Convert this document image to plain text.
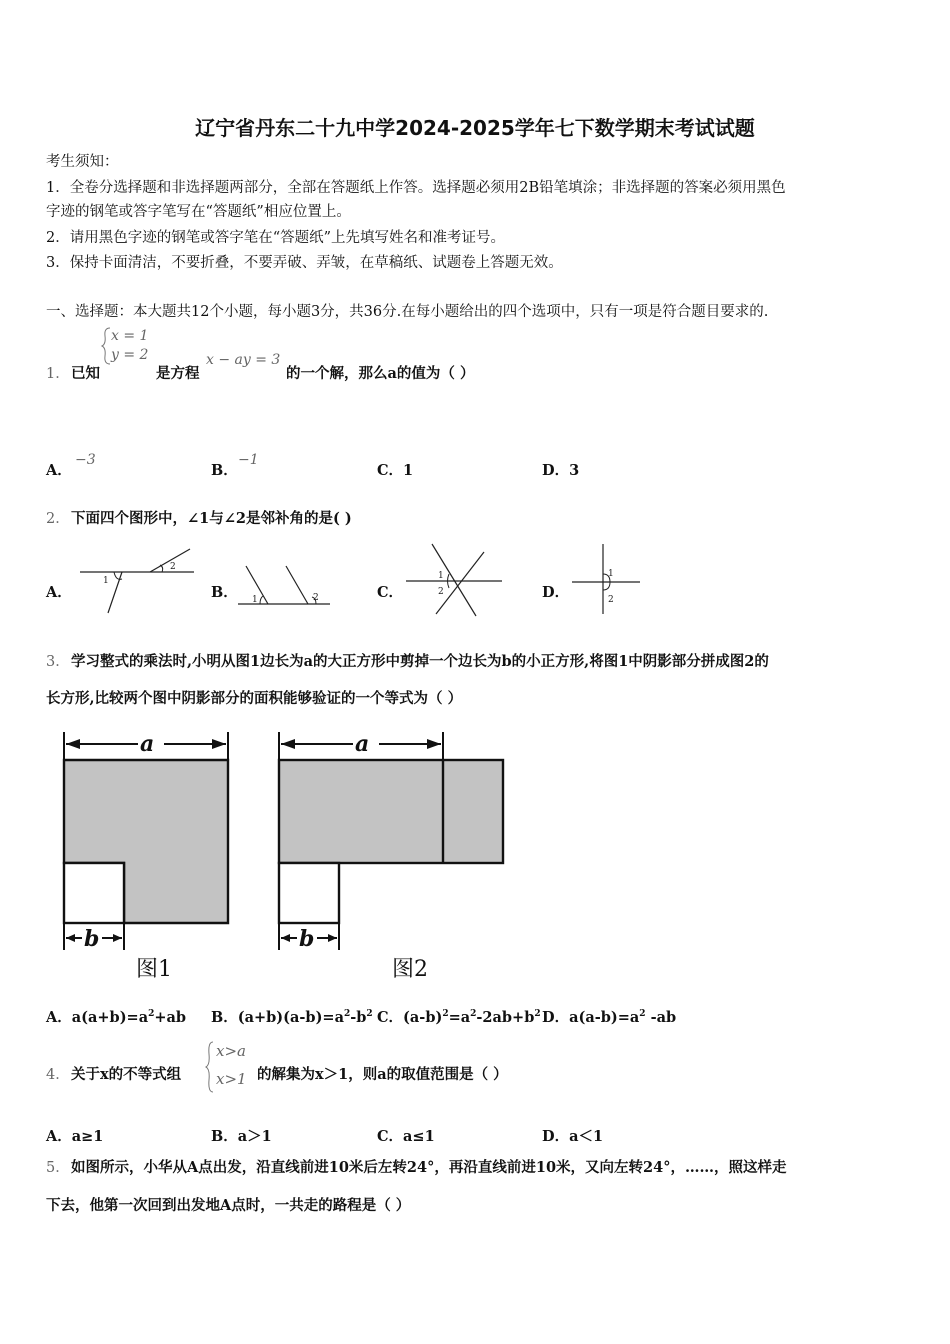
辽宁省丹东二十九中学2024-2025学年七下数学期末考试试题
考生须知：
1．全卷分选择题和非选择题两部分，全部在答题纸上作答。选择题必须用2B铅笔填涂；非选择题的答案必须用黑色
字迹的钢笔或答字笔写在“答题纸”相应位置上。
2．请用黑色字迹的钢笔或答字笔在“答题纸”上先填写姓名和准考证号。
3．保持卡面清洁，不要折叠，不要弄破、弄皱，在草稿纸、试题卷上答题无效。
一、选择题：本大题共12个小题，每小题3分，共36分.在每小题给出的四个选项中，只有一项是符合题目要求的.
1． 已知
x = 1
y = 2
是方程
x − ay = 3
的一个解，那么a的值为（ ）
A．
−3
B．
−1
C．1	D．3
2． 下面四个图形中，∠1与∠2是邻补角的是( )
A．
1
2
B． 1	2	C．
1
2	D．
1
2
3． 学习整式的乘法时,小明从图1边长为a的大正方形中剪掉一个边长为b的小正方形,将图1中阴影部分拼成图2的
长方形,比较两个图中阴影部分的面积能够验证的一个等式为（ ）
a
b
图1
a
b
图2
A．$a(a+b)=a^2+ab$ B．$(a+b)(a-b)=a^2-b^2$ C．$(a-b)^2=a^2-2ab+b^2$ D．$a(a-b)=a^2$ -ab
4． 关于x的不等式组
x>a
x>1 的解集为x＞1，则a的取值范围是（ ）
A．a≥1	B．a＞1	C．a≤1	D．a＜1
5． 如图所示，小华从A点出发，沿直线前进10米后左转24°，再沿直线前进10米，又向左转24°，……，照这样走
下去，他第一次回到出发地A点时，一共走的路程是（ ）
